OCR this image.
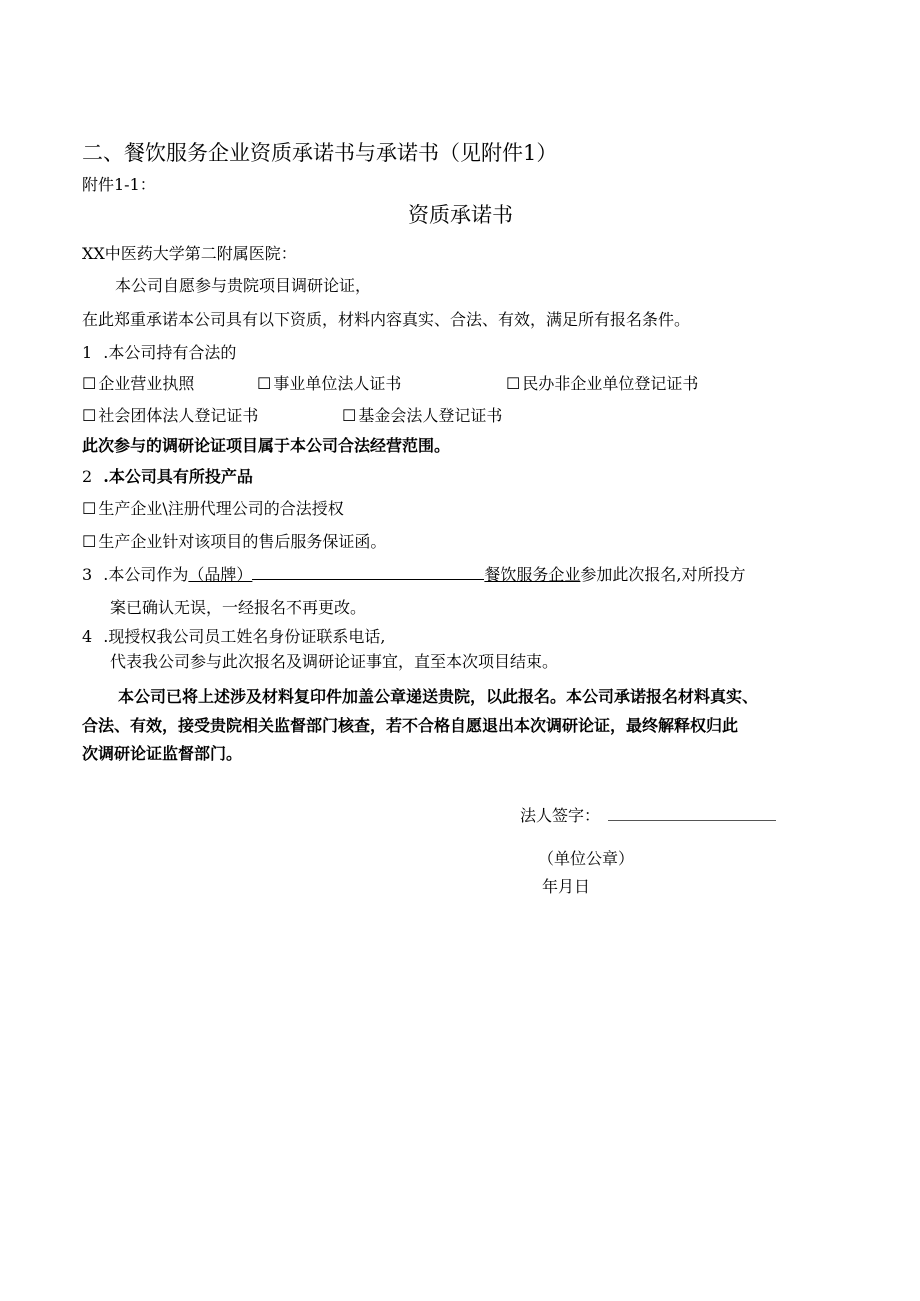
二、餐饮服务企业资质承诺书与承诺书（见附件1）
附件1-1：
资质承诺书
XX中医药大学第二附属医院：
本公司自愿参与贵院项目调研论证，
在此郑重承诺本公司具有以下资质，材料内容真实、合法、有效，满足所有报名条件。
1 .本公司持有合法的
☐ 企业营业执照	☐ 事业单位法人证书	☐ 民办非企业单位登记证书
☐ 社会团体法人登记证书	☐ 基金会法人登记证书
此次参与的调研论证项目属于本公司合法经营范围。
2 .本公司具有所投产品
☐ 生产企业\注册代理公司的合法授权
☐ 生产企业针对该项目的售后服务保证函。
3 .本公司作为（品牌）	餐饮服务企业参加此次报名,对所投方
案已确认无误，一经报名不再更改。
4 .现授权我公司员工姓名身份证联系电话,
代表我公司参与此次报名及调研论证事宜，直至本次项目结束。
本公司已将上述涉及材料复印件加盖公章递送贵院，以此报名。本公司承诺报名材料真实、
合法、有效，接受贵院相关监督部门核查，若不合格自愿退出本次调研论证，最终解释权归此
次调研论证监督部门。
法人签字：
（单位公章）
年月日
